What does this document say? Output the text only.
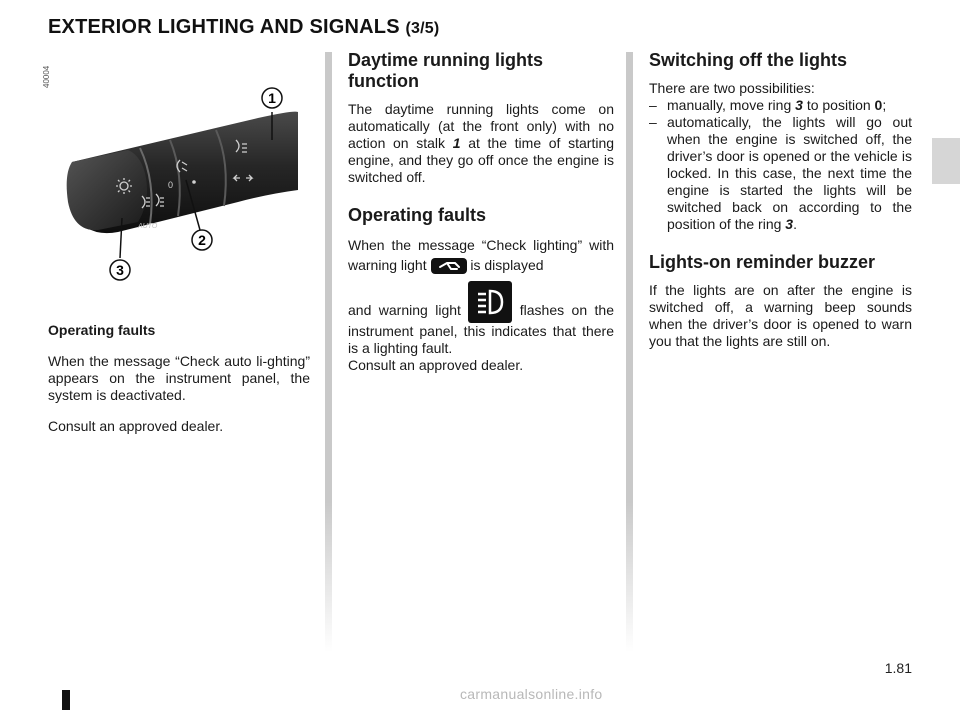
EXTERIOR LIGHTING AND SIGNALS (3/5)
40004
0
AUTO
1
2
3
Operating faults

When the message “Check auto li-ghting” appears on the instrument panel, the system is deactivated.

Consult an approved dealer.

Daytime running lights function

The daytime running lights come on automatically (at the front only) with no action on stalk 1 at the time of starting engine, and they go off once the engine is switched off.

Operating faults

When the message “Check lighting” with warning light	is displayed

and warning light	flashes on the instrument panel, this indicates that there is a lighting fault.

Consult an approved dealer.

Switching off the lights

There are two possibilities:

– manually, move ring 3 to position 0;
– automatically, the lights will go out when the engine is switched off, the driver’s door is opened or the vehicle is locked. In this case, the next time the engine is started the lights will be switched back on according to the position of the ring 3.
Lights-on reminder buzzer

If the lights are on after the engine is switched off, a warning beep sounds when the driver’s door is opened to warn you that the lights are still on.

1.81
carmanualsonline.info
